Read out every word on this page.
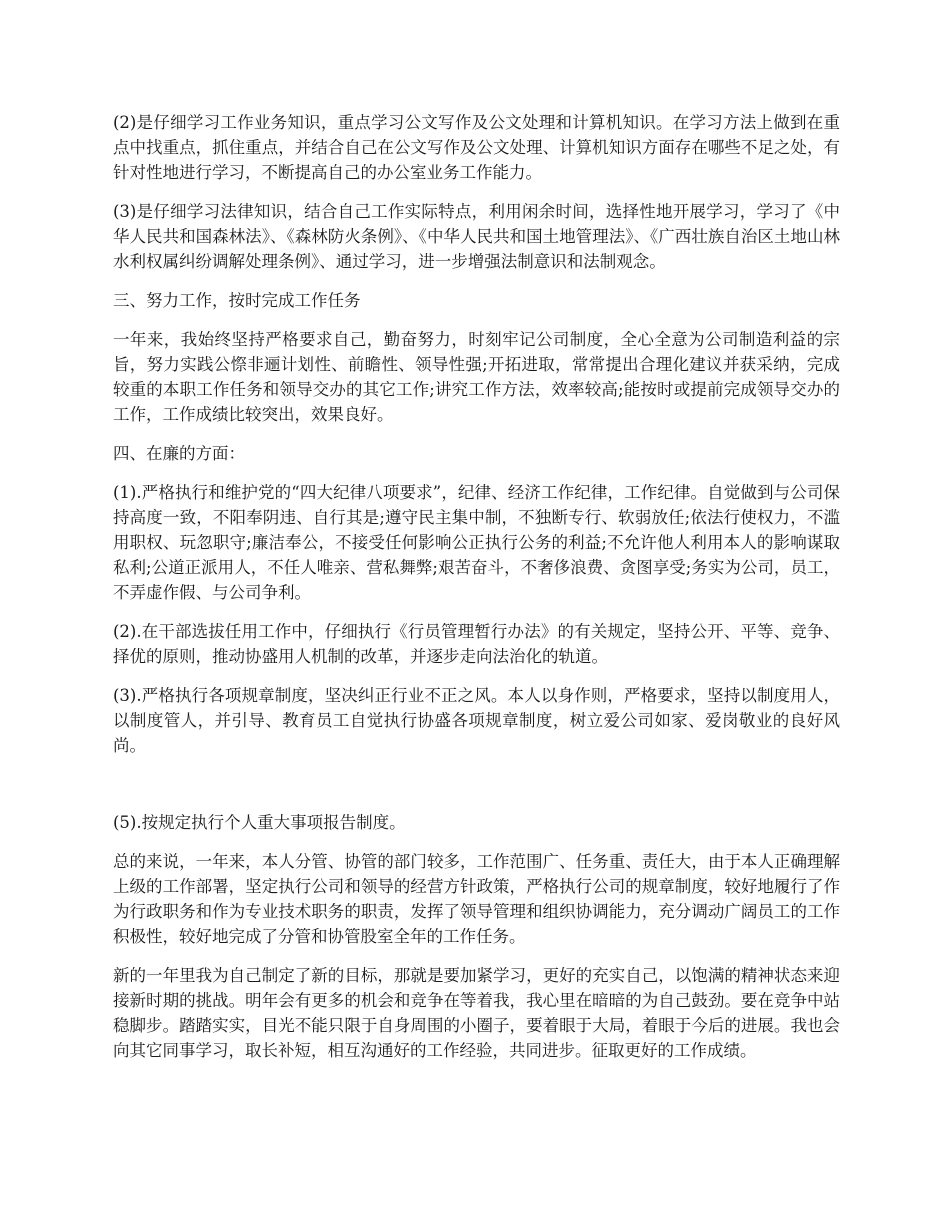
(2)是仔细学习工作业务知识，重点学习公文写作及公文处理和计算机知识。在学习方法上做到在重点中找重点，抓住重点，并结合自己在公文写作及公文处理、计算机知识方面存在哪些不足之处，有针对性地进行学习，不断提高自己的办公室业务工作能力。

(3)是仔细学习法律知识，结合自己工作实际特点，利用闲余时间，选择性地开展学习，学习了《中华人民共和国森林法》、《森林防火条例》、《中华人民共和国土地管理法》、《广西壮族自治区土地山林水利权属纠纷调解处理条例》、通过学习，进一步增强法制意识和法制观念。

三、努力工作，按时完成工作任务

一年来，我始终坚持严格要求自己，勤奋努力，时刻牢记公司制度，全心全意为公司制造利益的宗旨，努力实践公憏非逦计划性、前瞻性、领导性强;开拓进取，常常提出合理化建议并获采纳，完成较重的本职工作任务和领导交办的其它工作;讲究工作方法，效率较高;能按时或提前完成领导交办的工作，工作成绩比较突出，效果良好。

四、在廉的方面：

(1).严格执行和维护党的“四大纪律八项要求”，纪律、经济工作纪律，工作纪律。自觉做到与公司保持高度一致，不阳奉阴违、自行其是;遵守民主集中制，不独断专行、软弱放任;依法行使权力，不滥用职权、玩忽职守;廉洁奉公，不接受任何影响公正执行公务的利益;不允许他人利用本人的影响谋取私利;公道正派用人，不任人唯亲、营私舞弊;艰苦奋斗，不奢侈浪费、贪图享受;务实为公司，员工，不弄虚作假、与公司争利。

(2).在干部选拔任用工作中，仔细执行《行员管理暂行办法》的有关规定，坚持公开、平等、竞争、择优的原则，推动协盛用人机制的改革，并逐步走向法治化的轨道。

(3).严格执行各项规章制度，坚决纠正行业不正之风。本人以身作则，严格要求，坚持以制度用人，以制度管人，并引导、教育员工自觉执行协盛各项规章制度，树立爱公司如家、爱岗敬业的良好风尚。

(5).按规定执行个人重大事项报告制度。

总的来说，一年来，本人分管、协管的部门较多，工作范围广、任务重、责任大，由于本人正确理解上级的工作部署，坚定执行公司和领导的经营方针政策，严格执行公司的规章制度，较好地履行了作为行政职务和作为专业技术职务的职责，发挥了领导管理和组织协调能力，充分调动广阔员工的工作积极性，较好地完成了分管和协管股室全年的工作任务。

新的一年里我为自己制定了新的目标，那就是要加紧学习，更好的充实自己，以饱满的精神状态来迎接新时期的挑战。明年会有更多的机会和竞争在等着我，我心里在暗暗的为自己鼓劲。要在竞争中站稳脚步。踏踏实实，目光不能只限于自身周围的小圈子，要着眼于大局，着眼于今后的进展。我也会向其它同事学习，取长补短，相互沟通好的工作经验，共同进步。征取更好的工作成绩。
